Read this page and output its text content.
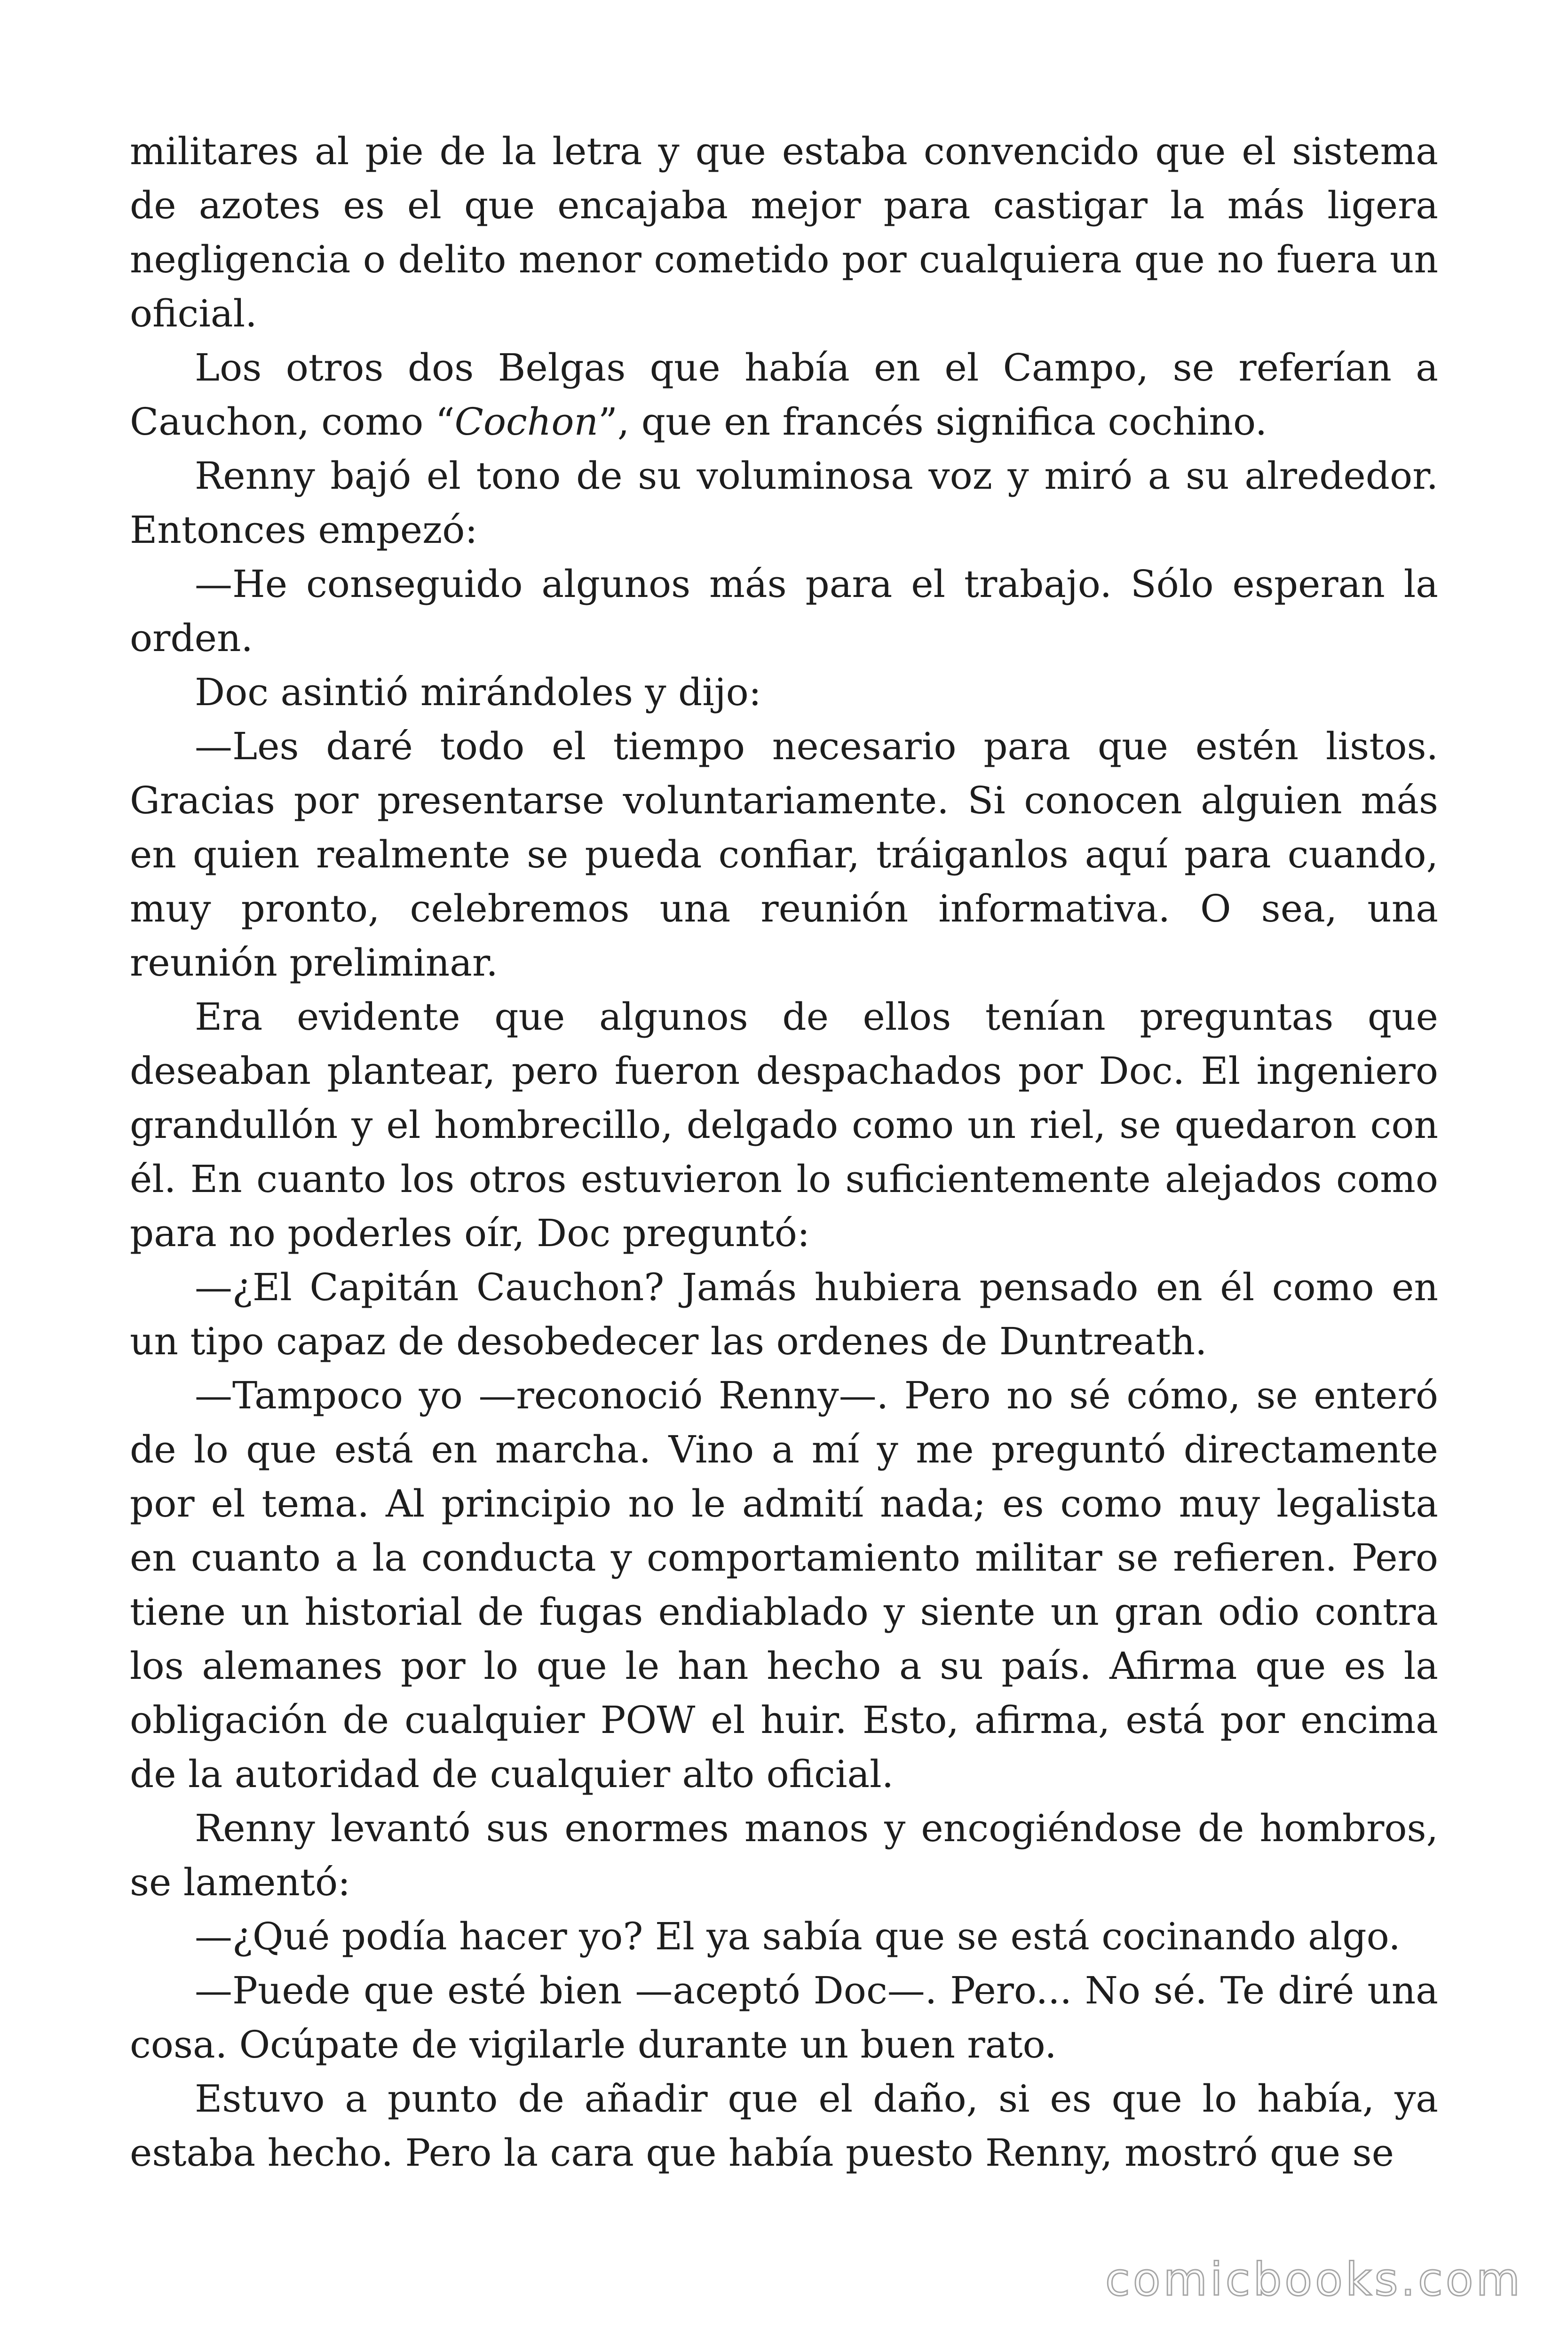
militares al pie de la letra y que estaba convencido que el sistema de azotes es el que encajaba mejor para castigar la más ligera negligencia o delito menor cometido por cualquiera que no fuera un oficial.

Los otros dos Belgas que había en el Campo, se referían a Cauchon, como “Cochon”, que en francés significa cochino.

Renny bajó el tono de su voluminosa voz y miró a su alrededor. Entonces empezó:

—He conseguido algunos más para el trabajo. Sólo esperan la orden.

Doc asintió mirándoles y dijo:

—Les daré todo el tiempo necesario para que estén listos. Gracias por presentarse voluntariamente. Si conocen alguien más en quien realmente se pueda confiar, tráiganlos aquí para cuando, muy pronto, celebremos una reunión informativa. O sea, una reunión preliminar.

Era evidente que algunos de ellos tenían preguntas que deseaban plantear, pero fueron despachados por Doc. El ingeniero grandullón y el hombrecillo, delgado como un riel, se quedaron con él. En cuanto los otros estuvieron lo suficientemente alejados como para no poderles oír, Doc preguntó:

—¿El Capitán Cauchon? Jamás hubiera pensado en él como en un tipo capaz de desobedecer las ordenes de Duntreath.

—Tampoco yo —reconoció Renny—. Pero no sé cómo, se enteró de lo que está en marcha. Vino a mí y me preguntó directamente por el tema. Al principio no le admití nada; es como muy legalista en cuanto a la conducta y comportamiento militar se refieren. Pero tiene un historial de fugas endiablado y siente un gran odio contra los alemanes por lo que le han hecho a su país. Afirma que es la obligación de cualquier POW el huir. Esto, afirma, está por encima de la autoridad de cualquier alto oficial.

Renny levantó sus enormes manos y encogiéndose de hombros, se lamentó:

—¿Qué podía hacer yo? El ya sabía que se está cocinando algo.

—Puede que esté bien —aceptó Doc—. Pero... No sé. Te diré una cosa. Ocúpate de vigilarle durante un buen rato.

Estuvo a punto de añadir que el daño, si es que lo había, ya estaba hecho. Pero la cara que había puesto Renny, mostró que se

comicbooks.com
